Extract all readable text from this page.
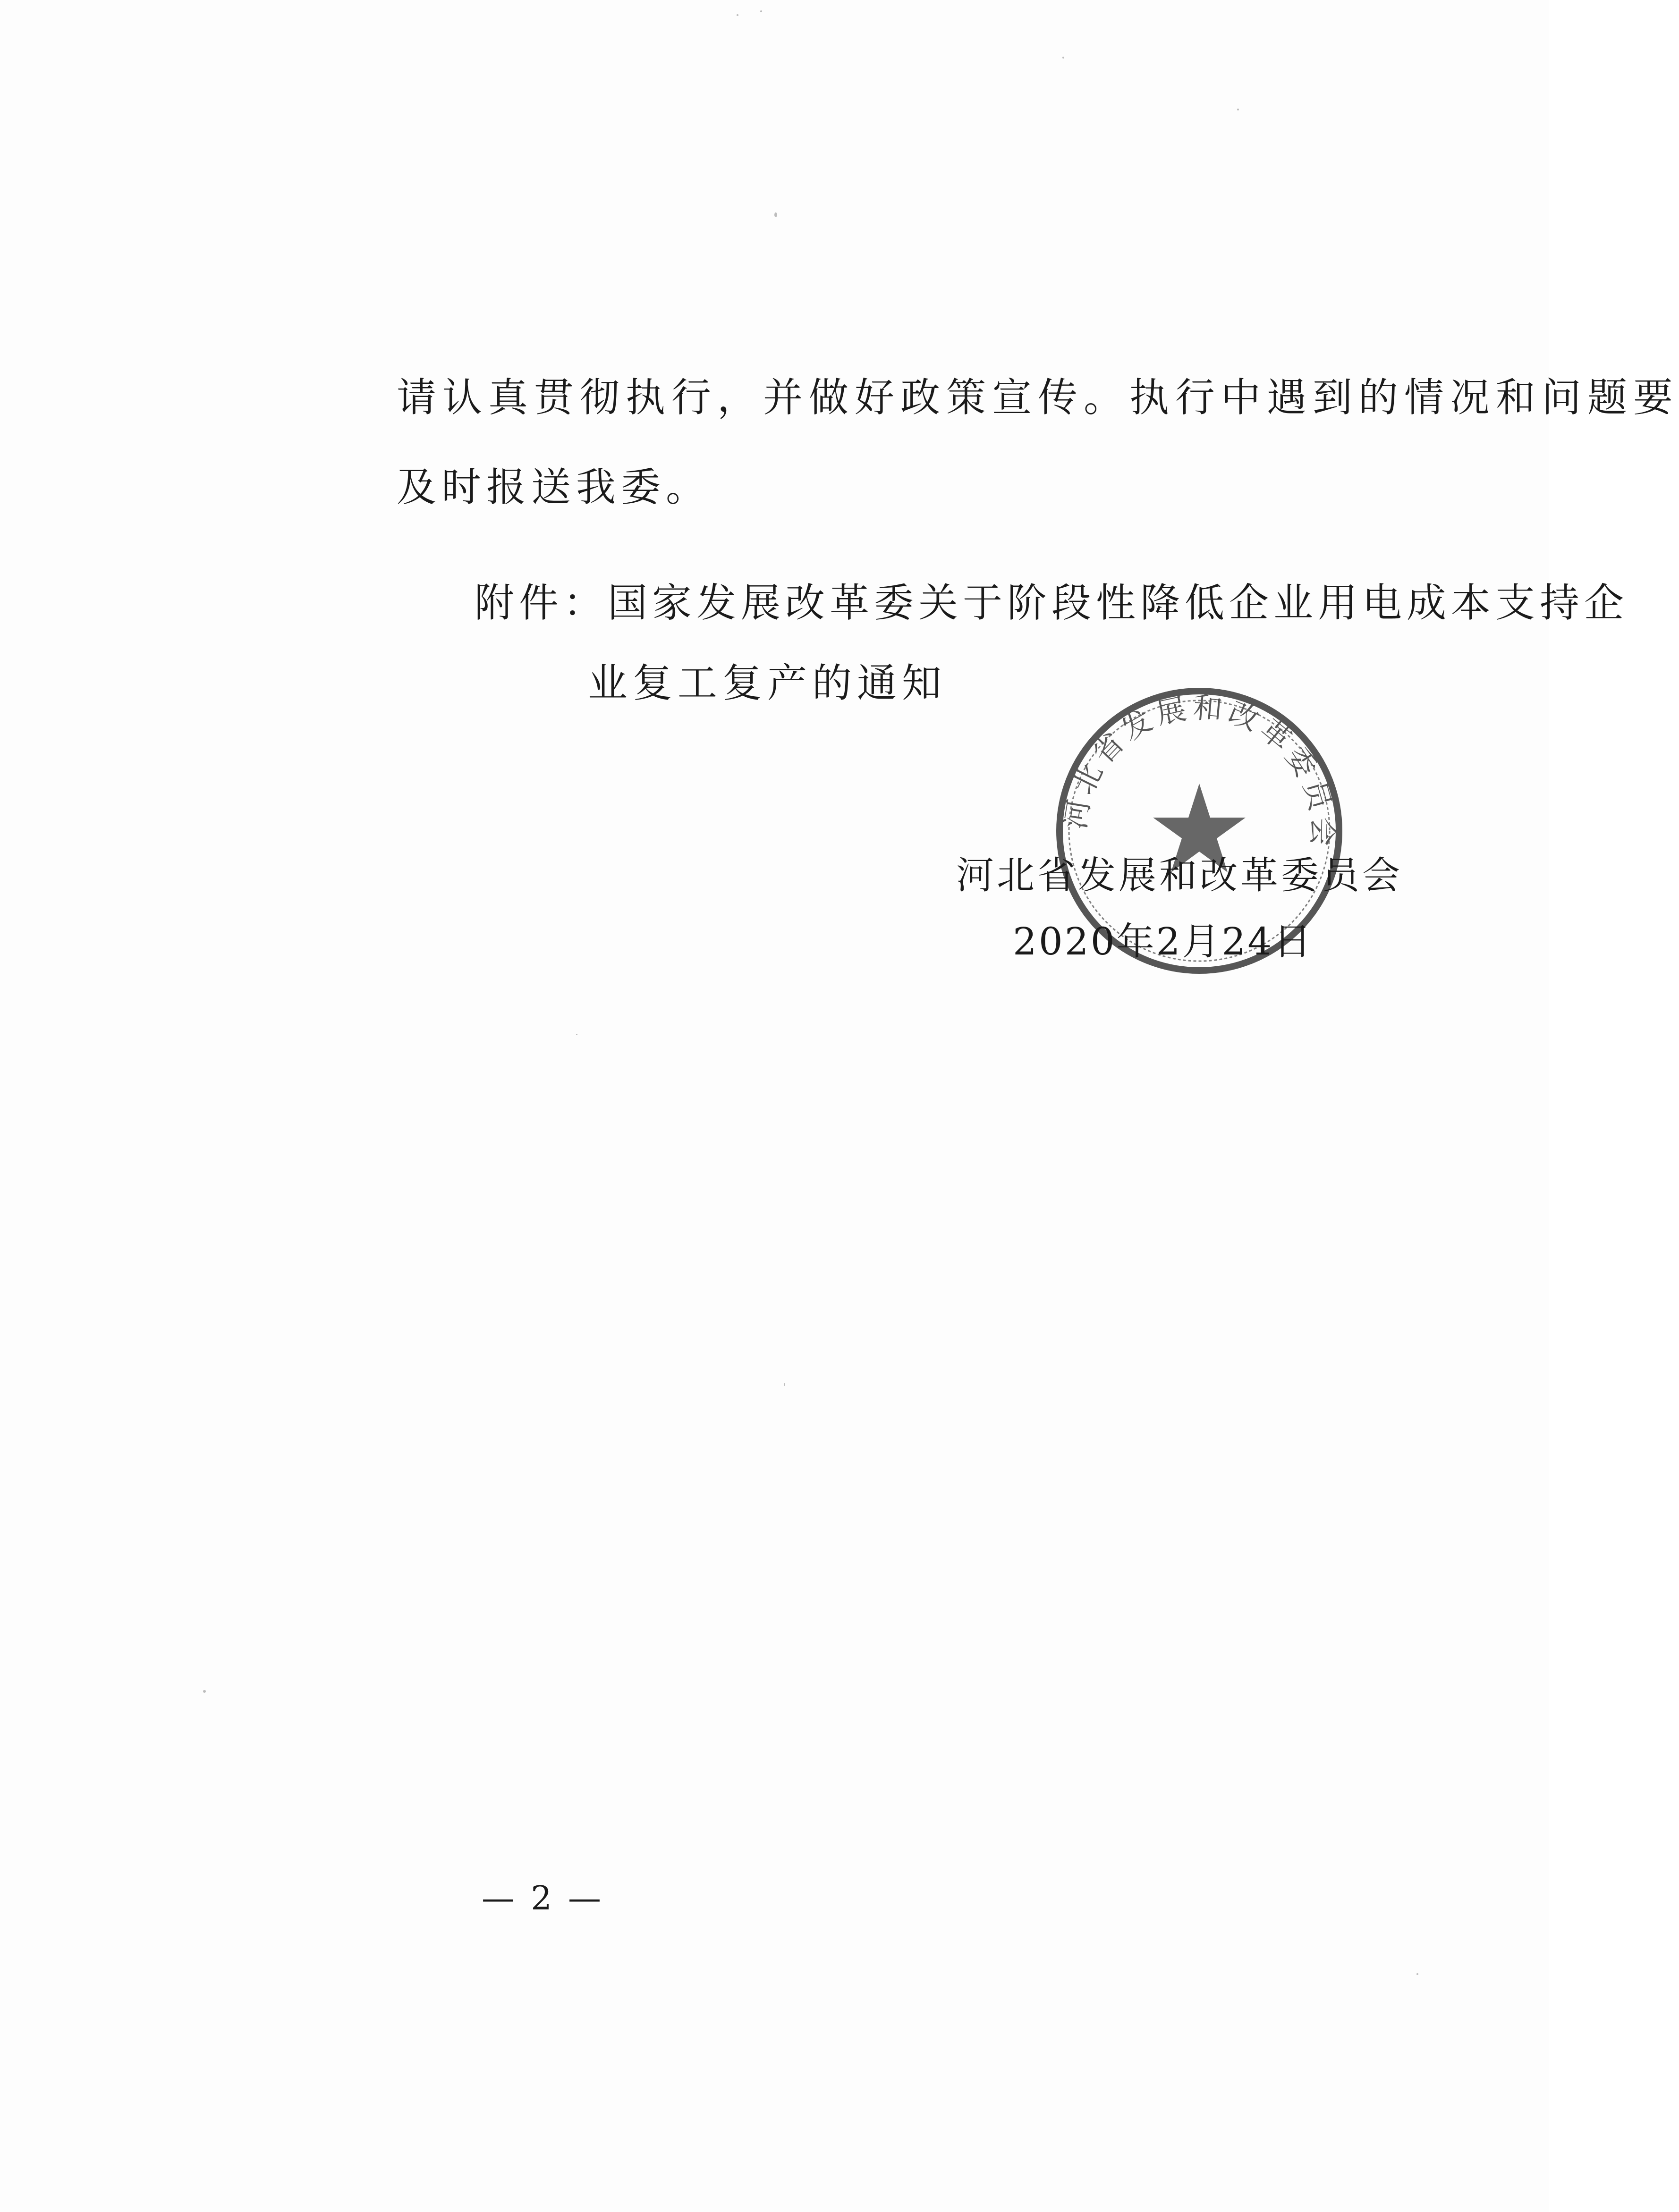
请认真贯彻执行，并做好政策宣传。执行中遇到的情况和问题要
及时报送我委。
附件：国家发展改革委关于阶段性降低企业用电成本支持企
业复工复产的通知
河北省发展和改革委员会
河北省发展和改革委员会
2020年2月24日
— 2 —
